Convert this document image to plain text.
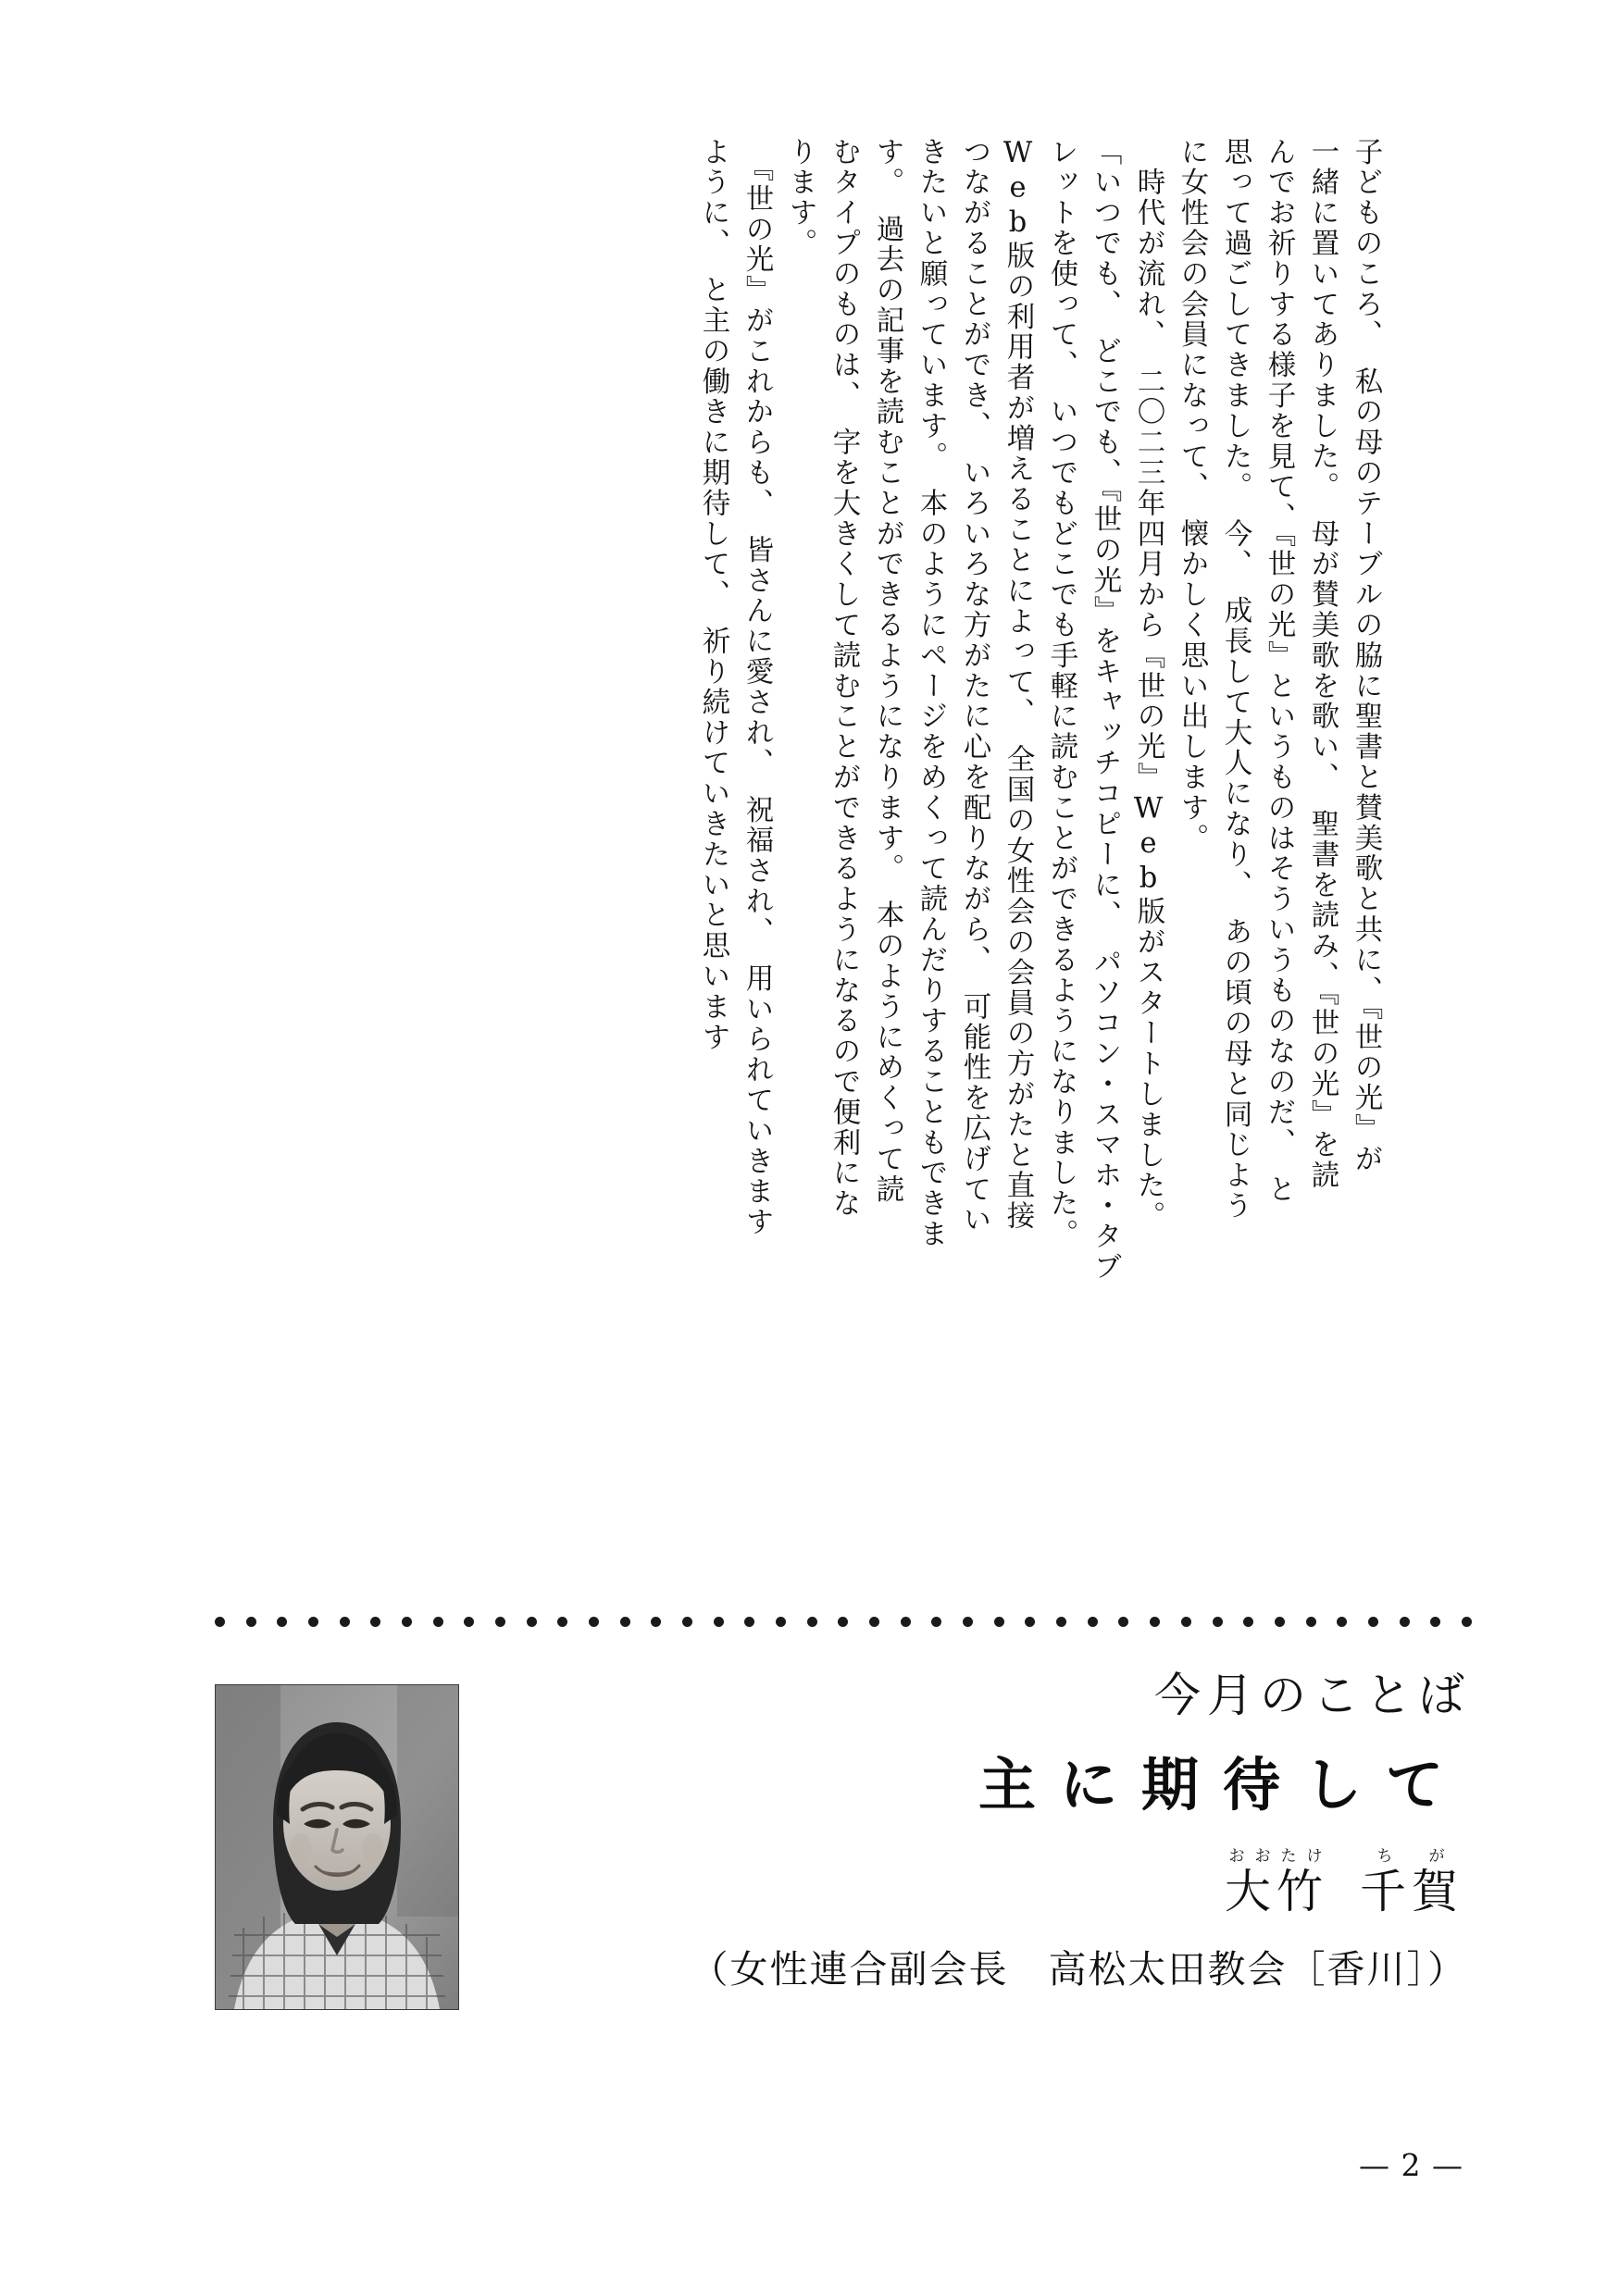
子どものころ、　私の母のテーブルの脇に聖書と賛美歌と共に、『世の光』が
一緒に置いてありました。　母が賛美歌を歌い、　聖書を読み、『世の光』を読
んでお祈りする様子を見て、『世の光』というものはそういうものなのだ、　と
思って過ごしてきました。　今、　成長して大人になり、　あの頃の母と同じよう
に女性会の会員になって、　懐かしく思い出します。
　時代が流れ、　二〇二三年四月から『世の光』Web版がスタートしました。
「いつでも、　どこでも、『世の光』をキャッチコピーに、　パソコン・スマホ・タブ
レットを使って、　いつでもどこでも手軽に読むことができるようになりました。
Web版の利用者が増えることによって、　全国の女性会の会員の方がたと直接
つながることができ、　いろいろな方がたに心を配りながら、　可能性を広げてい
きたいと願っています。　本のようにページをめくって読んだりすることもできま
す。　過去の記事を読むことができるようになります。　本のようにめくって読
むタイプのものは、　字を大きくして読むことができるようになるので便利にな
ります。
　『世の光』がこれからも、　皆さんに愛され、　祝福され、　用いられていきます
ように、　と主の働きに期待して、　祈り続けていきたいと思います
今月のことば
主に期待して
お お た け
大竹
ち が
千賀
（女性連合副会長　高松太田教会［香川］）
— 2 —
